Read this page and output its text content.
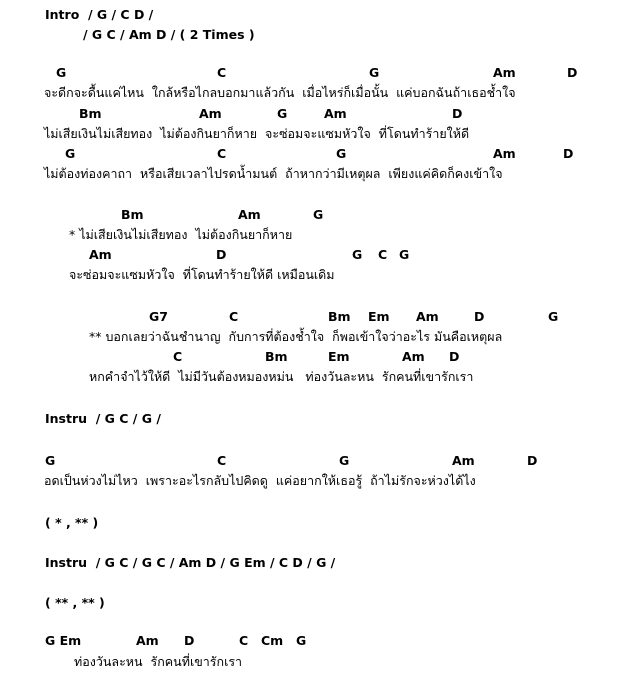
Intro  / G / C D /
/ G C / Am D / ( 2 Times )
G	C	G	Am	D
จะดีกจะดื้นแค่ไหน  ใกล้หรือไกลบอกมาแล้วกัน  เมื่อไหร่ก็เมื่อนั้น  แค่บอกฉันถ้าเธอช้ำใจ
Bm	Am	G	Am	D
ไม่เสียเงินไม่เสียทอง  ไม่ต้องกินยาก็หาย  จะซ่อมจะแซมหัวใจ  ที่โดนทำร้ายให้ดี
G	C	G	Am	D
ไม่ต้องท่องคาถา  หรือเสียเวลาไปรดน้ำมนต์  ถ้าหากว่ามีเหตุผล  เพียงแค่คิดก็คงเข้าใจ
Bm	Am	G
* ไม่เสียเงินไม่เสียทอง  ไม่ต้องกินยาก็หาย
Am	D	G C G
จะซ่อมจะแซมหัวใจ  ที่โดนทำร้ายให้ดี เหมือนเดิม
G7	C	Bm Em Am	D	G
** บอกเลยว่าฉันชำนาญ  กับการที่ต้องช้ำใจ  ก็พอเข้าใจว่าอะไร มันคือเหตุผล
C	Bm	Em	Am D
หกคำจำไว้ให้ดี  ไม่มีวันต้องหมองหม่น   ท่องวันละหน  รักคนที่เขารักเรา
Instru  / G C / G /
G	C	G	Am	D
อดเป็นห่วงไม่ไหว  เพราะอะไรกลับไปคิดดู  แค่อยากให้เธอรู้  ถ้าไม่รักจะห่วงได้ไง
( * , ** )
Instru  / G C / G C / Am D / G Em / C D / G /
( ** , ** )
G Em	Am D	C Cm G
ท่องวันละหน  รักคนที่เขารักเรา
